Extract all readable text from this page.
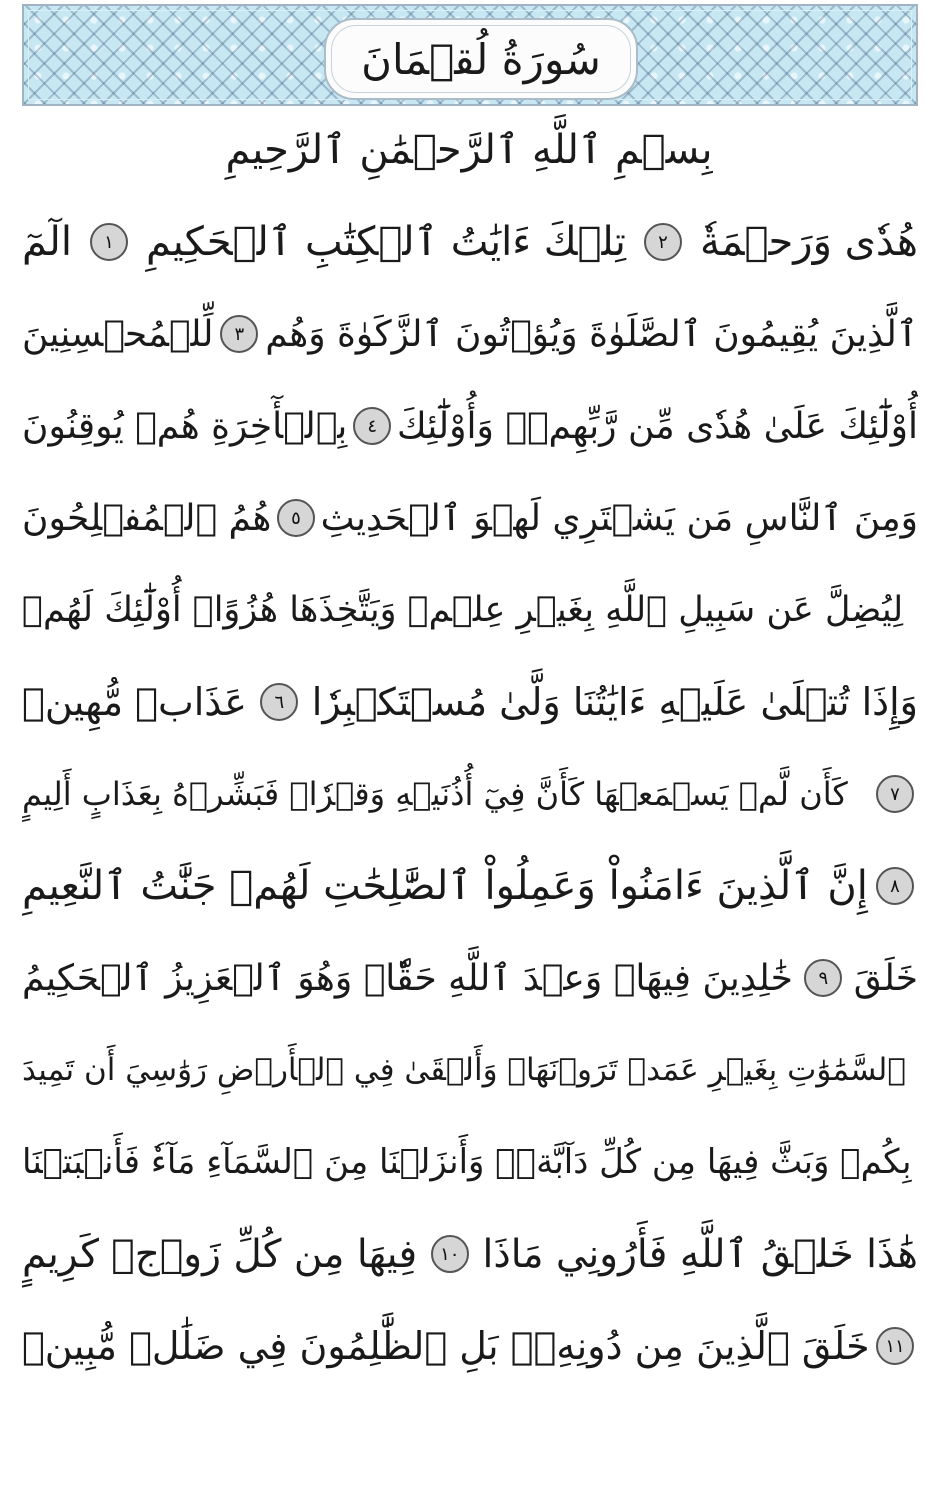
سُورَةُ لُقۡمَانَ
بِسۡمِ ٱللَّهِ ٱلرَّحۡمَٰنِ ٱلرَّحِيمِ
الٓمٓ	١ تِلۡكَ ءَايَٰتُ ٱلۡكِتَٰبِ ٱلۡحَكِيمِ	٢ هُدٗى وَرَحۡمَةٗ
لِّلۡمُحۡسِنِينَ	٣ ٱلَّذِينَ يُقِيمُونَ ٱلصَّلَوٰةَ وَيُؤۡتُونَ ٱلزَّكَوٰةَ وَهُم
بِٱلۡأٓخِرَةِ هُمۡ يُوقِنُونَ	٤ أُوْلَٰٓئِكَ عَلَىٰ هُدٗى مِّن رَّبِّهِمۡۖ وَأُوْلَٰٓئِكَ
هُمُ ٱلۡمُفۡلِحُونَ	٥ وَمِنَ ٱلنَّاسِ مَن يَشۡتَرِي لَهۡوَ ٱلۡحَدِيثِ
لِيُضِلَّ عَن سَبِيلِ ٱللَّهِ بِغَيۡرِ عِلۡمٖ وَيَتَّخِذَهَا هُزُوًاۚ أُوْلَٰٓئِكَ لَهُمۡ
عَذَابٞ مُّهِينٞ	٦ وَإِذَا تُتۡلَىٰ عَلَيۡهِ ءَايَٰتُنَا وَلَّىٰ مُسۡتَكۡبِرٗا
كَأَن لَّمۡ يَسۡمَعۡهَا كَأَنَّ فِيٓ أُذُنَيۡهِ وَقۡرٗاۖ فَبَشِّرۡهُ بِعَذَابٍ أَلِيمٍ	٧
إِنَّ ٱلَّذِينَ ءَامَنُواْ وَعَمِلُواْ ٱلصَّٰلِحَٰتِ لَهُمۡ جَنَّٰتُ ٱلنَّعِيمِ	٨
خَٰلِدِينَ فِيهَاۖ وَعۡدَ ٱللَّهِ حَقّٗاۚ وَهُوَ ٱلۡعَزِيزُ ٱلۡحَكِيمُ	٩ خَلَقَ
ٱلسَّمَٰوَٰتِ بِغَيۡرِ عَمَدٖ تَرَوۡنَهَاۖ وَأَلۡقَىٰ فِي ٱلۡأَرۡضِ رَوَٰسِيَ أَن تَمِيدَ
بِكُمۡ وَبَثَّ فِيهَا مِن كُلِّ دَآبَّةٖۚ وَأَنزَلۡنَا مِنَ ٱلسَّمَآءِ مَآءٗ فَأَنۢبَتۡنَا
فِيهَا مِن كُلِّ زَوۡجٖ كَرِيمٍ	١٠ هَٰذَا خَلۡقُ ٱللَّهِ فَأَرُونِي مَاذَا
خَلَقَ ٱلَّذِينَ مِن دُونِهِۦۚ بَلِ ٱلظَّٰلِمُونَ فِي ضَلَٰلٖ مُّبِينٖ ١١
